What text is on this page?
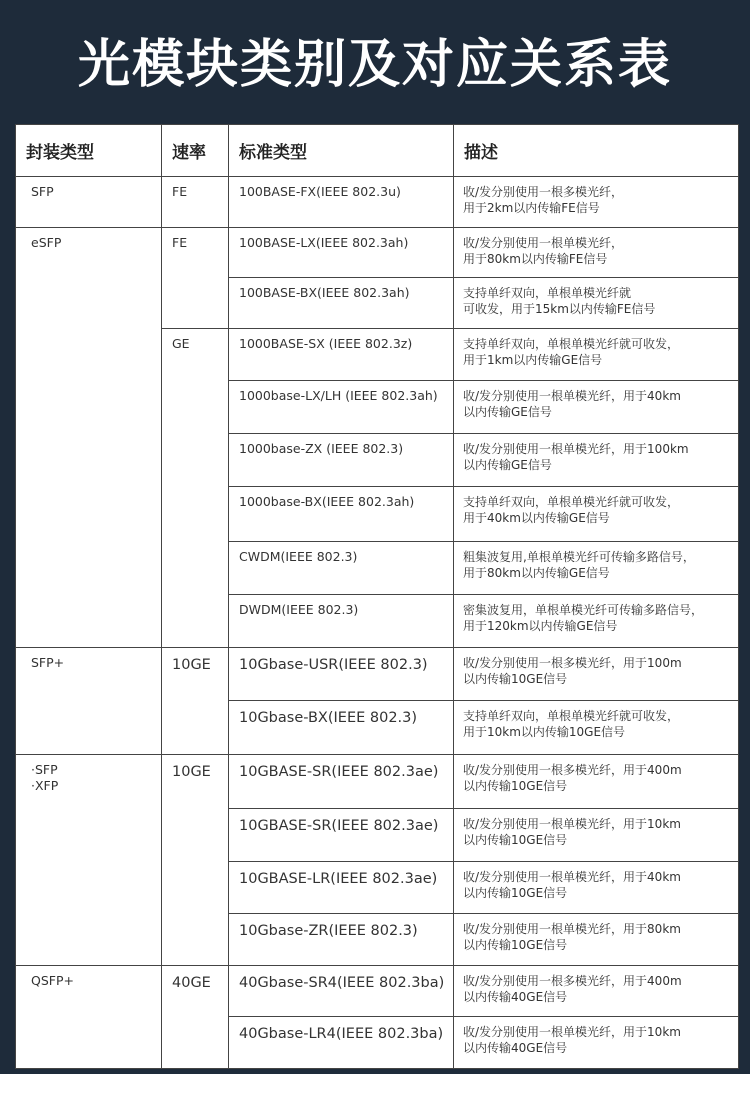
光模块类别及对应关系表
封装类型	速率	标准类型	描述
SFP	FE	100BASE-FX(IEEE 802.3u)	收/发分别使用一根多模光纤，
用于2km以内传输FE信号
eSFP	FE	100BASE-LX(IEEE 802.3ah)	收/发分别使用一根单模光纤，
用于80km以内传输FE信号
		100BASE-BX(IEEE 802.3ah)	支持单纤双向，单根单模光纤就
可收发，用于15km以内传输FE信号
	GE	1000BASE-SX (IEEE 802.3z)	支持单纤双向，单根单模光纤就可收发，
用于1km以内传输GE信号
		1000base-LX/LH (IEEE 802.3ah)	收/发分别使用一根单模光纤，用于40km
以内传输GE信号
		1000base-ZX (IEEE 802.3)	收/发分别使用一根单模光纤，用于100km
以内传输GE信号
		1000base-BX(IEEE 802.3ah)	支持单纤双向，单根单模光纤就可收发，
用于40km以内传输GE信号
		CWDM(IEEE 802.3)	粗集波复用,单根单模光纤可传输多路信号，
用于80km以内传输GE信号
		DWDM(IEEE 802.3)	密集波复用，单根单模光纤可传输多路信号，
用于120km以内传输GE信号
SFP+	10GE	10Gbase-USR(IEEE 802.3)	收/发分别使用一根多模光纤，用于100m
以内传输10GE信号
		10Gbase-BX(IEEE 802.3)	支持单纤双向，单根单模光纤就可收发，
用于10km以内传输10GE信号
·SFP
·XFP	10GE	10GBASE-SR(IEEE 802.3ae)	收/发分别使用一根多模光纤，用于400m
以内传输10GE信号
		10GBASE-SR(IEEE 802.3ae)	收/发分别使用一根单模光纤，用于10km
以内传输10GE信号
		10GBASE-LR(IEEE 802.3ae)	收/发分别使用一根单模光纤，用于40km
以内传输10GE信号
		10Gbase-ZR(IEEE 802.3)	收/发分别使用一根单模光纤，用于80km
以内传输10GE信号
QSFP+	40GE	40Gbase-SR4(IEEE 802.3ba)	收/发分别使用一根多模光纤，用于400m
以内传输40GE信号
		40Gbase-LR4(IEEE 802.3ba)	收/发分别使用一根单模光纤，用于10km
以内传输40GE信号
